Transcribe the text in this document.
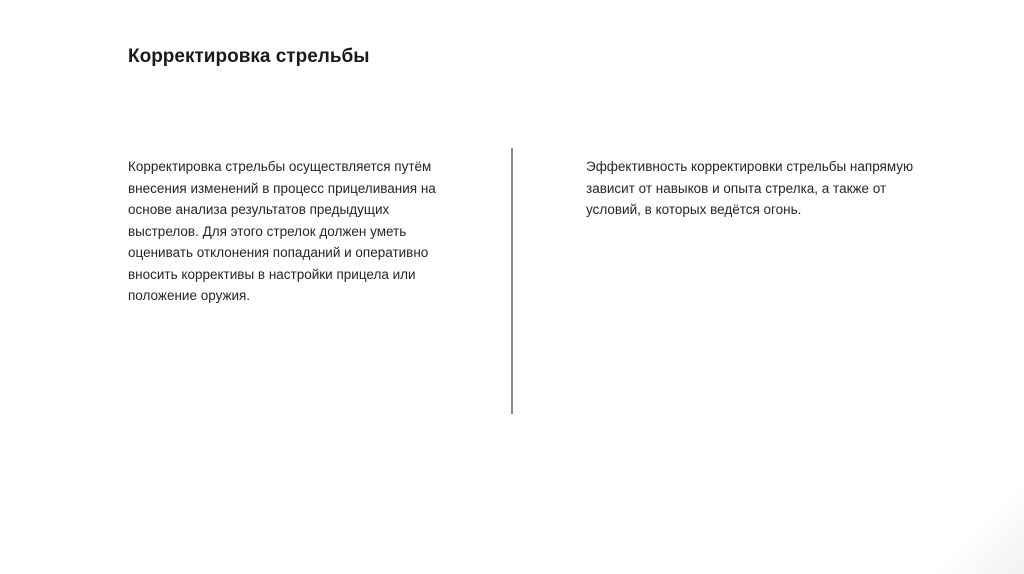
Корректировка стрельбы

Корректировка стрельбы осуществляется путём внесения изменений в процесс прицеливания на основе анализа результатов предыдущих выстрелов. Для этого стрелок должен уметь оценивать отклонения попаданий и оперативно вносить коррективы в настройки прицела или положение оружия.

Эффективность корректировки стрельбы напрямую зависит от навыков и опыта стрелка, а также от условий, в которых ведётся огонь.
